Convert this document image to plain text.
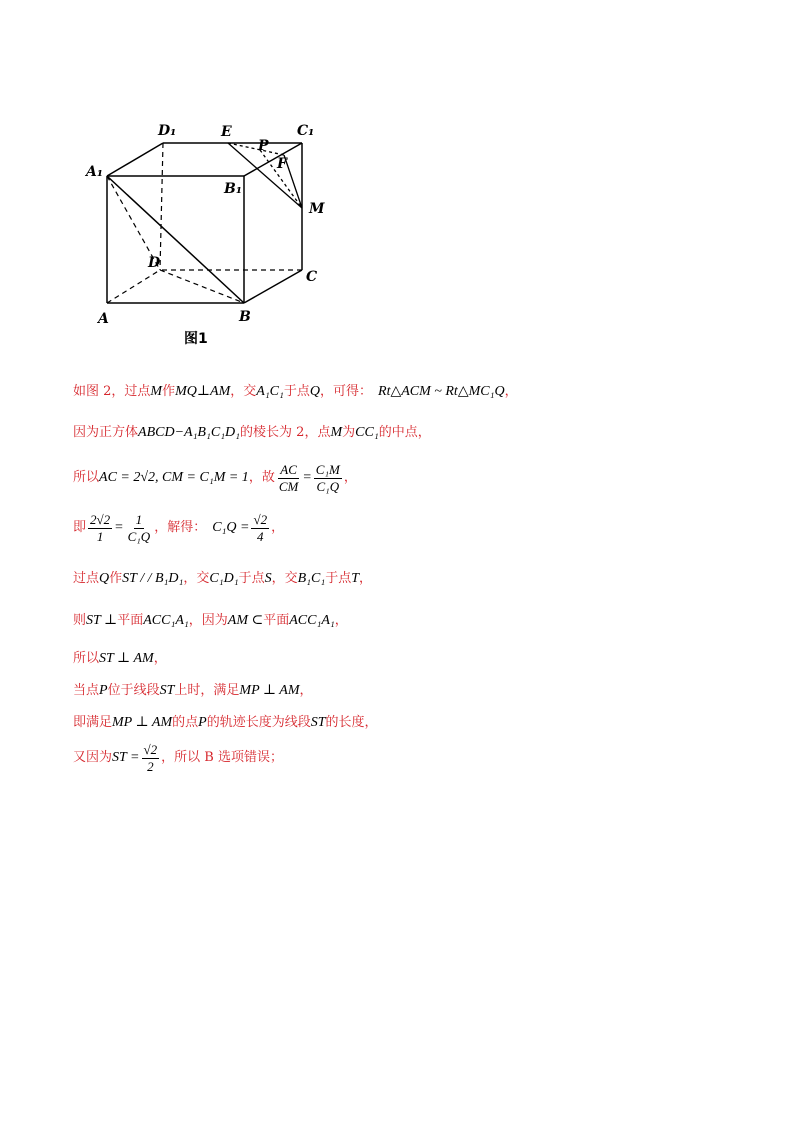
D₁	E	C₁
P
F
A₁
B₁
M
D
C
A	B
图1
如图 2，过点 M 作 MQ⊥AM ，交 A₁C₁ 于点 Q ，可得： Rt△ACM ~ Rt△MC₁Q ，
因为正方体 ABCD−A₁B₁C₁D₁ 的棱长为 2，点 M 为 CC₁ 的中点，
所以 AC = 2√2, CM = C₁M = 1 ，故 $\frac{AC}{CM} = \frac{\text{C₁M}}{\text{C₁Q}}$ ，
即 $\frac{2√2}{1} = \frac{1}{\text{C₁Q}}$ ，解得： $C_1Q = \frac{√2}{4}$ ，
过点 Q 作 ST / / B₁D₁ ，交 C₁D₁ 于点 S ，交 B₁C₁ 于点 T ，
则 ST ⊥ 平面 ACC₁A₁ ，因为 AM ⊂ 平面 ACC₁A₁ ，
所以 ST ⊥ AM ，
当点 P 位于线段 ST 上时，满足 MP ⊥ AM ，
即满足 MP ⊥ AM 的点 P 的轨迹长度为线段 ST 的长度，
又因为 ST = $\frac{√2}{2}$ ，所以 B 选项错误；
